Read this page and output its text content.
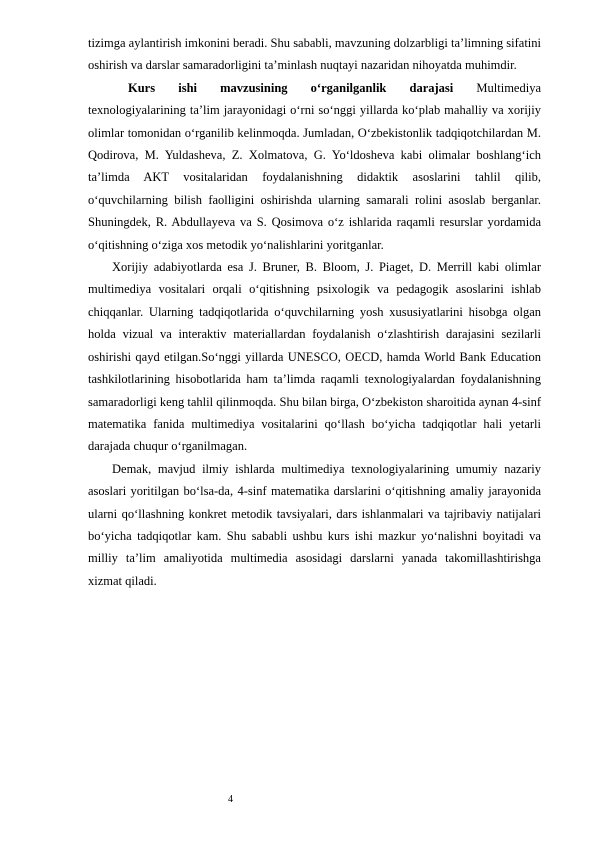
tizimga aylantirish imkonini beradi. Shu sababli, mavzuning dolzarbligi ta’limning sifatini oshirish va darslar samaradorligini ta’minlash nuqtayi nazaridan nihoyatda muhimdir.

Kurs ishi mavzusining o‘rganilganlik darajasi Multimediya texnologiyalarining ta’lim jarayonidagi o‘rni so‘nggi yillarda ko‘plab mahalliy va xorijiy olimlar tomonidan o‘rganilib kelinmoqda. Jumladan, O‘zbekistonlik tadqiqotchilardan M. Qodirova, M. Yuldasheva, Z. Xolmatova, G. Yo‘ldosheva kabi olimalar boshlang‘ich ta’limda AKT vositalaridan foydalanishning didaktik asoslarini tahlil qilib, o‘quvchilarning bilish faolligini oshirishda ularning samarali rolini asoslab berganlar. Shuningdek, R. Abdullayeva va S. Qosimova o‘z ishlarida raqamli resurslar yordamida o‘qitishning o‘ziga xos metodik yo‘nalishlarini yoritganlar.

Xorijiy adabiyotlarda esa J. Bruner, B. Bloom, J. Piaget, D. Merrill kabi olimlar multimediya vositalari orqali o‘qitishning psixologik va pedagogik asoslarini ishlab chiqqanlar. Ularning tadqiqotlarida o‘quvchilarning yosh xususiyatlarini hisobga olgan holda vizual va interaktiv materiallardan foydalanish o‘zlashtirish darajasini sezilarli oshirishi qayd etilgan.So‘nggi yillarda UNESCO, OECD, hamda World Bank Education tashkilotlarining hisobotlarida ham ta’limda raqamli texnologiyalardan foydalanishning samaradorligi keng tahlil qilinmoqda. Shu bilan birga, O‘zbekiston sharoitida aynan 4-sinf matematika fanida multimediya vositalarini qo‘llash bo‘yicha tadqiqotlar hali yetarli darajada chuqur o‘rganilmagan.

Demak, mavjud ilmiy ishlarda multimediya texnologiyalarining umumiy nazariy asoslari yoritilgan bo‘lsa-da, 4-sinf matematika darslarini o‘qitishning amaliy jarayonida ularni qo‘llashning konkret metodik tavsiyalari, dars ishlanmalari va tajribaviy natijalari bo‘yicha tadqiqotlar kam. Shu sababli ushbu kurs ishi mazkur yo‘nalishni boyitadi va milliy ta’lim amaliyotida multimedia asosidagi darslarni yanada takomillashtirishga xizmat qiladi.

4
